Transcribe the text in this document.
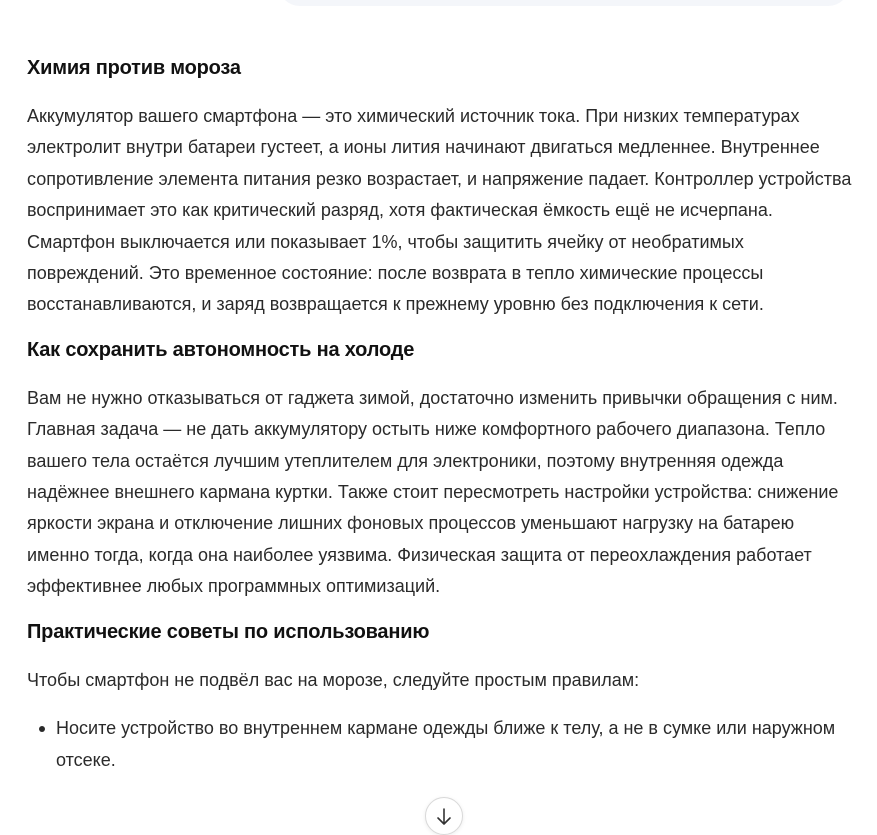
Химия против мороза

Аккумулятор вашего смартфона — это химический источник тока. При низких температурах электролит внутри батареи густеет, а ионы лития начинают двигаться медленнее. Внутреннее сопротивление элемента питания резко возрастает, и напряжение падает. Контроллер устройства воспринимает это как критический разряд, хотя фактическая ёмкость ещё не исчерпана. Смартфон выключается или показывает 1%, чтобы защитить ячейку от необратимых повреждений. Это временное состояние: после возврата в тепло химические процессы восстанавливаются, и заряд возвращается к прежнему уровню без подключения к сети.

Как сохранить автономность на холоде

Вам не нужно отказываться от гаджета зимой, достаточно изменить привычки обращения с ним. Главная задача — не дать аккумулятору остыть ниже комфортного рабочего диапазона. Тепло вашего тела остаётся лучшим утеплителем для электроники, поэтому внутренняя одежда надёжнее внешнего кармана куртки. Также стоит пересмотреть настройки устройства: снижение яркости экрана и отключение лишних фоновых процессов уменьшают нагрузку на батарею именно тогда, когда она наиболее уязвима. Физическая защита от переохлаждения работает эффективнее любых программных оптимизаций.

Практические советы по использованию

Чтобы смартфон не подвёл вас на морозе, следуйте простым правилам:

Носите устройство во внутреннем кармане одежды ближе к телу, а не в сумке или наружном отсеке.
